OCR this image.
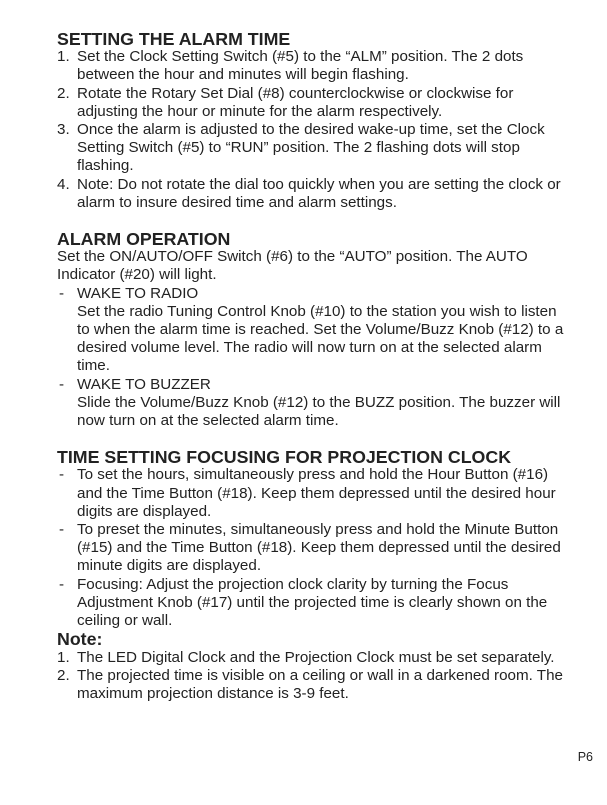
SETTING THE ALARM TIME
1. Set the Clock Setting Switch (#5) to the “ALM” position. The 2 dots between the hour and minutes will begin flashing.
2. Rotate the Rotary Set Dial (#8) counterclockwise or clockwise for adjusting the hour or minute for the alarm respectively.
3. Once the alarm is adjusted to the desired wake-up time, set the Clock Setting Switch (#5) to “RUN” position. The 2 flashing dots will stop flashing.
4. Note: Do not rotate the dial too quickly when you are setting the clock or alarm to insure desired time and alarm settings.
ALARM OPERATION

Set the ON/AUTO/OFF Switch (#6) to the “AUTO” position. The AUTO Indicator (#20) will light.

- WAKE TO RADIO
Set the radio Tuning Control Knob (#10) to the station you wish to listen to when the alarm time is reached. Set the Volume/Buzz Knob (#12) to a desired volume level. The radio will now turn on at the selected alarm time.
- WAKE TO BUZZER
Slide the Volume/Buzz Knob (#12) to the BUZZ position. The buzzer will now turn on at the selected alarm time.
TIME SETTING FOCUSING FOR PROJECTION CLOCK
- To set the hours, simultaneously press and hold the Hour Button (#16) and the Time Button (#18). Keep them depressed until the desired hour digits are displayed.
- To preset the minutes, simultaneously press and hold the Minute Button (#15) and the Time Button (#18). Keep them depressed until the desired minute digits are displayed.
- Focusing: Adjust the projection clock clarity by turning the Focus Adjustment Knob (#17) until the projected time is clearly shown on the ceiling or wall.
Note:
1. The LED Digital Clock and the Projection Clock must be set separately.
2. The projected time is visible on a ceiling or wall in a darkened room. The maximum projection distance is 3-9 feet.
P6
